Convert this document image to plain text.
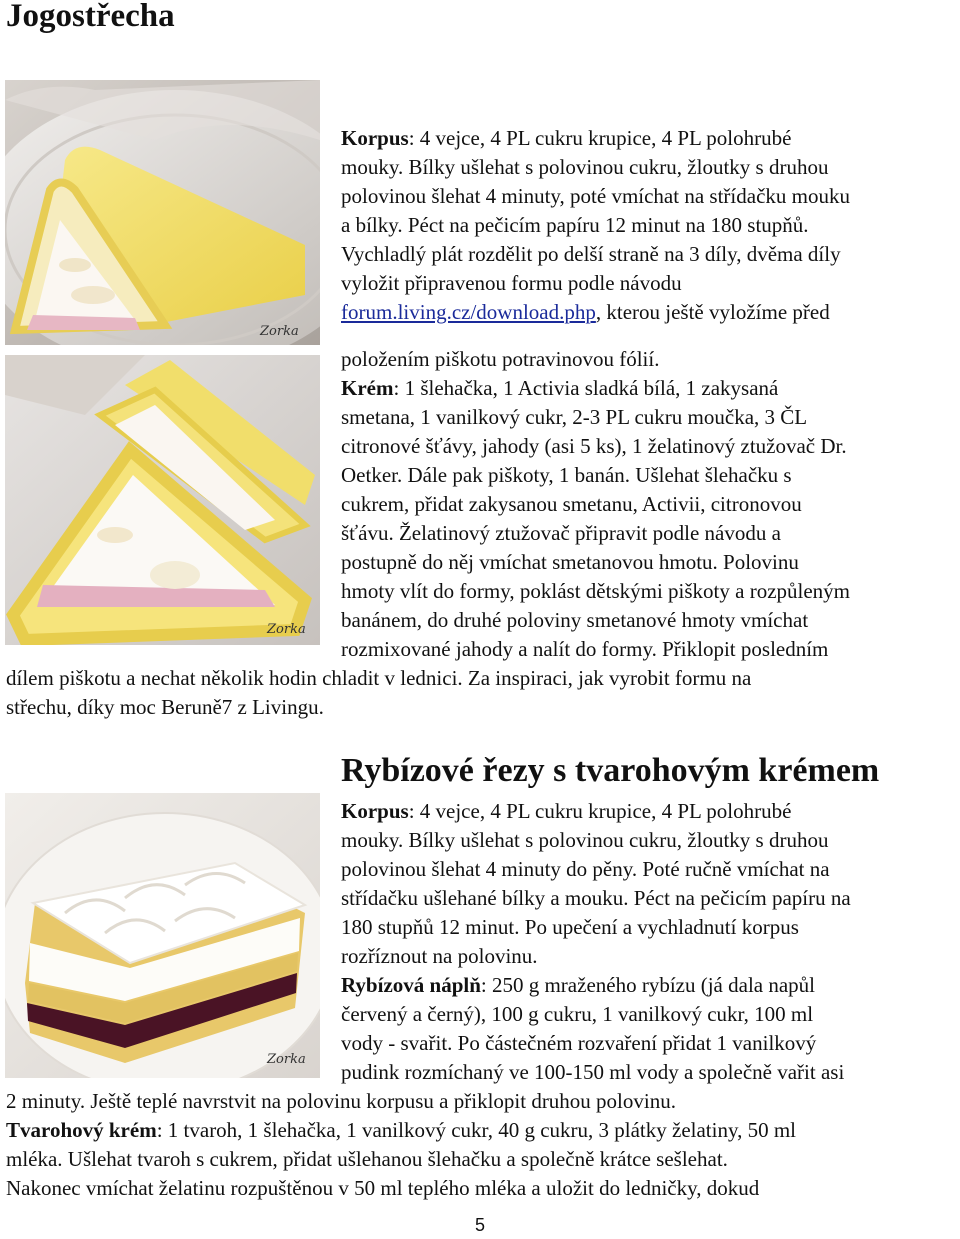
Jogostřecha
Zorka
Zorka
Korpus: 4 vejce, 4 PL cukru krupice, 4 PL polohrubé
mouky. Bílky ušlehat s polovinou cukru, žloutky s druhou
polovinou šlehat 4 minuty, poté vmíchat na střídačku mouku
a bílky. Péct na pečicím papíru 12 minut na 180 stupňů.
Vychladlý plát rozdělit po delší straně na 3 díly, dvěma díly
vyložit připravenou formu podle návodu
forum.living.cz/download.php, kterou ještě vyložíme před
položením piškotu potravinovou fólií.
Krém: 1 šlehačka, 1 Activia sladká bílá, 1 zakysaná
smetana, 1 vanilkový cukr, 2-3 PL cukru moučka, 3 ČL
citronové šťávy, jahody (asi 5 ks), 1 želatinový ztužovač Dr.
Oetker. Dále pak piškoty, 1 banán. Ušlehat šlehačku s
cukrem, přidat zakysanou smetanu, Activii, citronovou
šťávu. Želatinový ztužovač připravit podle návodu a
postupně do něj vmíchat smetanovou hmotu. Polovinu
hmoty vlít do formy, poklást dětskými piškoty a rozpůleným
banánem, do druhé poloviny smetanové hmoty vmíchat
rozmixované jahody a nalít do formy. Přiklopit posledním
dílem piškotu a nechat několik hodin chladit v lednici. Za inspiraci, jak vyrobit formu na
střechu, díky moc Beruně7 z Livingu.
Rybízové řezy s tvarohovým krémem
Zorka
Korpus: 4 vejce, 4 PL cukru krupice, 4 PL polohrubé
mouky. Bílky ušlehat s polovinou cukru, žloutky s druhou
polovinou šlehat 4 minuty do pěny. Poté ručně vmíchat na
střídačku ušlehané bílky a mouku. Péct na pečicím papíru na
180 stupňů 12 minut. Po upečení a vychladnutí korpus
rozříznout na polovinu.
Rybízová náplň: 250 g mraženého rybízu (já dala napůl
červený a černý), 100 g cukru, 1 vanilkový cukr, 100 ml
vody - svařit. Po částečném rozvaření přidat 1 vanilkový
pudink rozmíchaný ve 100-150 ml vody a společně vařit asi
2 minuty. Ještě teplé navrstvit na polovinu korpusu a přiklopit druhou polovinu.
Tvarohový krém: 1 tvaroh, 1 šlehačka, 1 vanilkový cukr, 40 g cukru, 3 plátky želatiny, 50 ml
mléka. Ušlehat tvaroh s cukrem, přidat ušlehanou šlehačku a společně krátce sešlehat.
Nakonec vmíchat želatinu rozpuštěnou v 50 ml teplého mléka a uložit do ledničky, dokud
5
